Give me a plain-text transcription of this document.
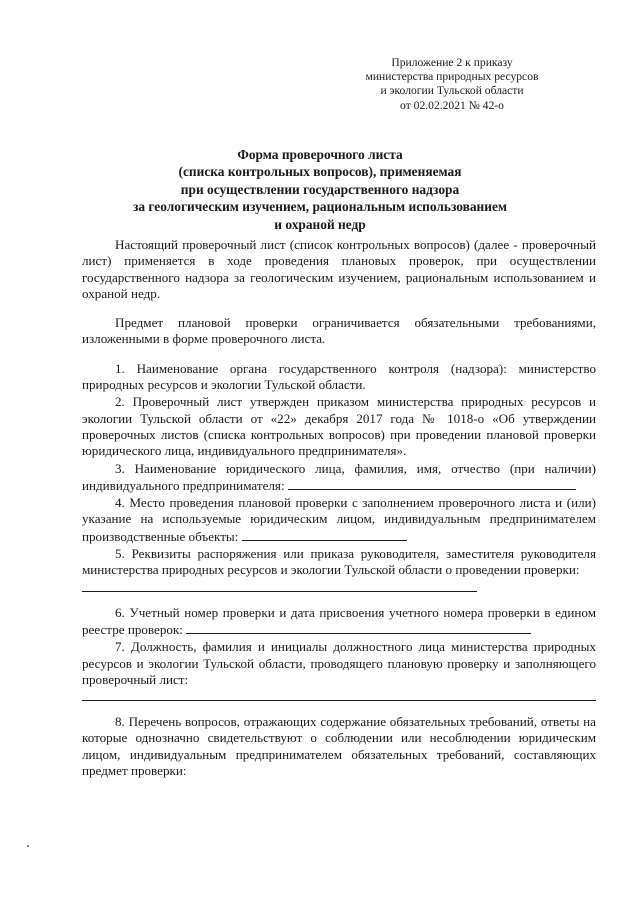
Приложение 2 к приказу
министерства природных ресурсов
и экологии Тульской области
от 02.02.2021 № 42-о
Форма проверочного листа
(списка контрольных вопросов), применяемая
при осуществлении государственного надзора
за геологическим изучением, рациональным использованием
и охраной недр

Настоящий проверочный лист (список контрольных вопросов) (далее - проверочный лист) применяется в ходе проведения плановых проверок, при осуществлении государственного надзора за геологическим изучением, рациональным использованием и охраной недр.

Предмет плановой проверки ограничивается обязательными требованиями, изложенными в форме проверочного листа.

1. Наименование органа государственного контроля (надзора): министерство природных ресурсов и экологии Тульской области.

2. Проверочный лист утвержден приказом министерства природных ресурсов и экологии Тульской области от «22» декабря 2017 года № 1018-о «Об утверждении проверочных листов (списка контрольных вопросов) при проведении плановой проверки юридического лица, индивидуального предпринимателя».

3. Наименование юридического лица, фамилия, имя, отчество (при наличии) индивидуального предпринимателя:

4. Место проведения плановой проверки с заполнением проверочного листа и (или) указание на используемые юридическим лицом, индивидуальным предпринимателем производственные объекты:

5. Реквизиты распоряжения или приказа руководителя, заместителя руководителя министерства природных ресурсов и экологии Тульской области о проведении проверки:

6. Учетный номер проверки и дата присвоения учетного номера проверки в едином реестре проверок:

7. Должность, фамилия и инициалы должностного лица министерства природных ресурсов и экологии Тульской области, проводящего плановую проверку и заполняющего проверочный лист:

8. Перечень вопросов, отражающих содержание обязательных требований, ответы на которые однозначно свидетельствуют о соблюдении или несоблюдении юридическим лицом, индивидуальным предпринимателем обязательных требований, составляющих предмет проверки:
